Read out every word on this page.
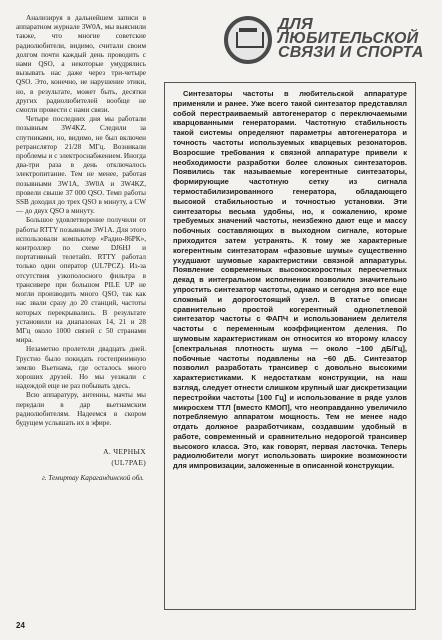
Анализируя в дальнейшем записи в аппаратном журнале 3W0A, мы выяснили также, что многие советские радиолюбители, видимо, считали своим долгом почти каждый день проводить с нами QSO, а некоторые умудрялись вызывать нас даже через три-четыре QSO. Это, конечно, не нарушение этики, но, в результате, может быть, десятки других радиолюбителей вообще не смогли провести с нами связи.

Четыре последних дня мы работали позывным 3W4KZ. Следили за спутниками, но, видимо, не был включен ретранслятор 21/28 МГц. Возникали проблемы и с электроснабжением. Иногда два-три раза в день отключалось электропитание. Тем не менее, работая позывными 3W1A, 3W0A и 3W4KZ, провели свыше 37 000 QSO. Темп работы SSB доходил до трех QSO в минуту, а CW — до двух QSO в минуту.

Большое удовлетворение получили от работы RTTY позывным 3W1A. Для этого использовали компьютер «Радио-86РК», контроллер по схеме DJ6HJ и портативный телетайп. RTTY работал только один оператор (UL7PCZ). Из-за отсутствия узкополосного фильтра в трансивере при большом PILE UP не могли производить много QSO, так как нас звали сразу до 20 станций, частоты которых перекрывались. В результате установили на диапазонах 14, 21 и 28 МГц около 1000 связей с 50 странами мира.

Незаметно пролетели двадцать дней. Грустно было покидать гостеприимную землю Вьетнама, где осталось много хороших друзей. Но мы уезжали с надеждой еще не раз побывать здесь.

Всю аппаратуру, антенны, мачты мы передали в дар вьетнамским радиолюбителям. Надеемся в скором будущем услышать их в эфире.

А. ЧЕРНЫХ
(UL7PAE)
г. Темиртау Карагандинской обл.
ДЛЯ ЛЮБИТЕЛЬСКОЙ СВЯЗИ И СПОРТА

Синтезаторы частоты в любительской аппаратуре применяли и ранее. Уже всего такой синтезатор представлял собой перестраиваемый автогенератор с переключаемыми кварцованными генераторами. Частотную стабильность такой системы определяют параметры автогенератора и точность частоты используемых кварцевых резонаторов. Возросшие требования к связной аппаратуре привели к необходимости разработки более сложных синтезаторов. Появились так называемые когерентные синтезаторы, формирующие частотную сетку из сигнала термостабилизированного генератора, обладающего высокой стабильностью и точностью установки. Эти синтезаторы весьма удобны, но, к сожалению, кроме требуемых значений частоты, неизбежно дают еще и массу побочных составляющих в выходном сигнале, которые приходится затем устранять. К тому же характерные когерентным синтезаторам «фазовые шумы» существенно ухудшают шумовые характеристики связной аппаратуры. Появление современных высокоскоростных пересчетных декад в интегральном исполнении позволило значительно упростить синтезатор частоты, однако и сегодня это все еще сложный и дорогостоящий узел. В статье описан сравнительно простой когерентный однопетлевой синтезатор частоты с ФАПЧ и использованием делителя частоты с переменным коэффициентом деления. По шумовым характеристикам он относится ко второму классу [спектральная плотность шума — около −100 дБ/Гц], побочные частоты подавлены на −60 дБ. Синтезатор позволил разработать трансивер с довольно высокими характеристиками. К недостаткам конструкции, на наш взгляд, следует отнести слишком крупный шаг дискретизации перестройки частоты [100 Гц] и использование в ряде узлов микросхем ТТЛ [вместо КМОП], что неоправданно увеличило потребляемую аппаратом мощность. Тем не менее надо отдать должное разработчикам, создавшим удобный в работе, современный и сравнительно недорогой трансивер высокого класса. Это, как говорят, первая ласточка. Теперь радиолюбители могут использовать широкие возможности для импровизации, заложенные в описанной конструкции.

24
